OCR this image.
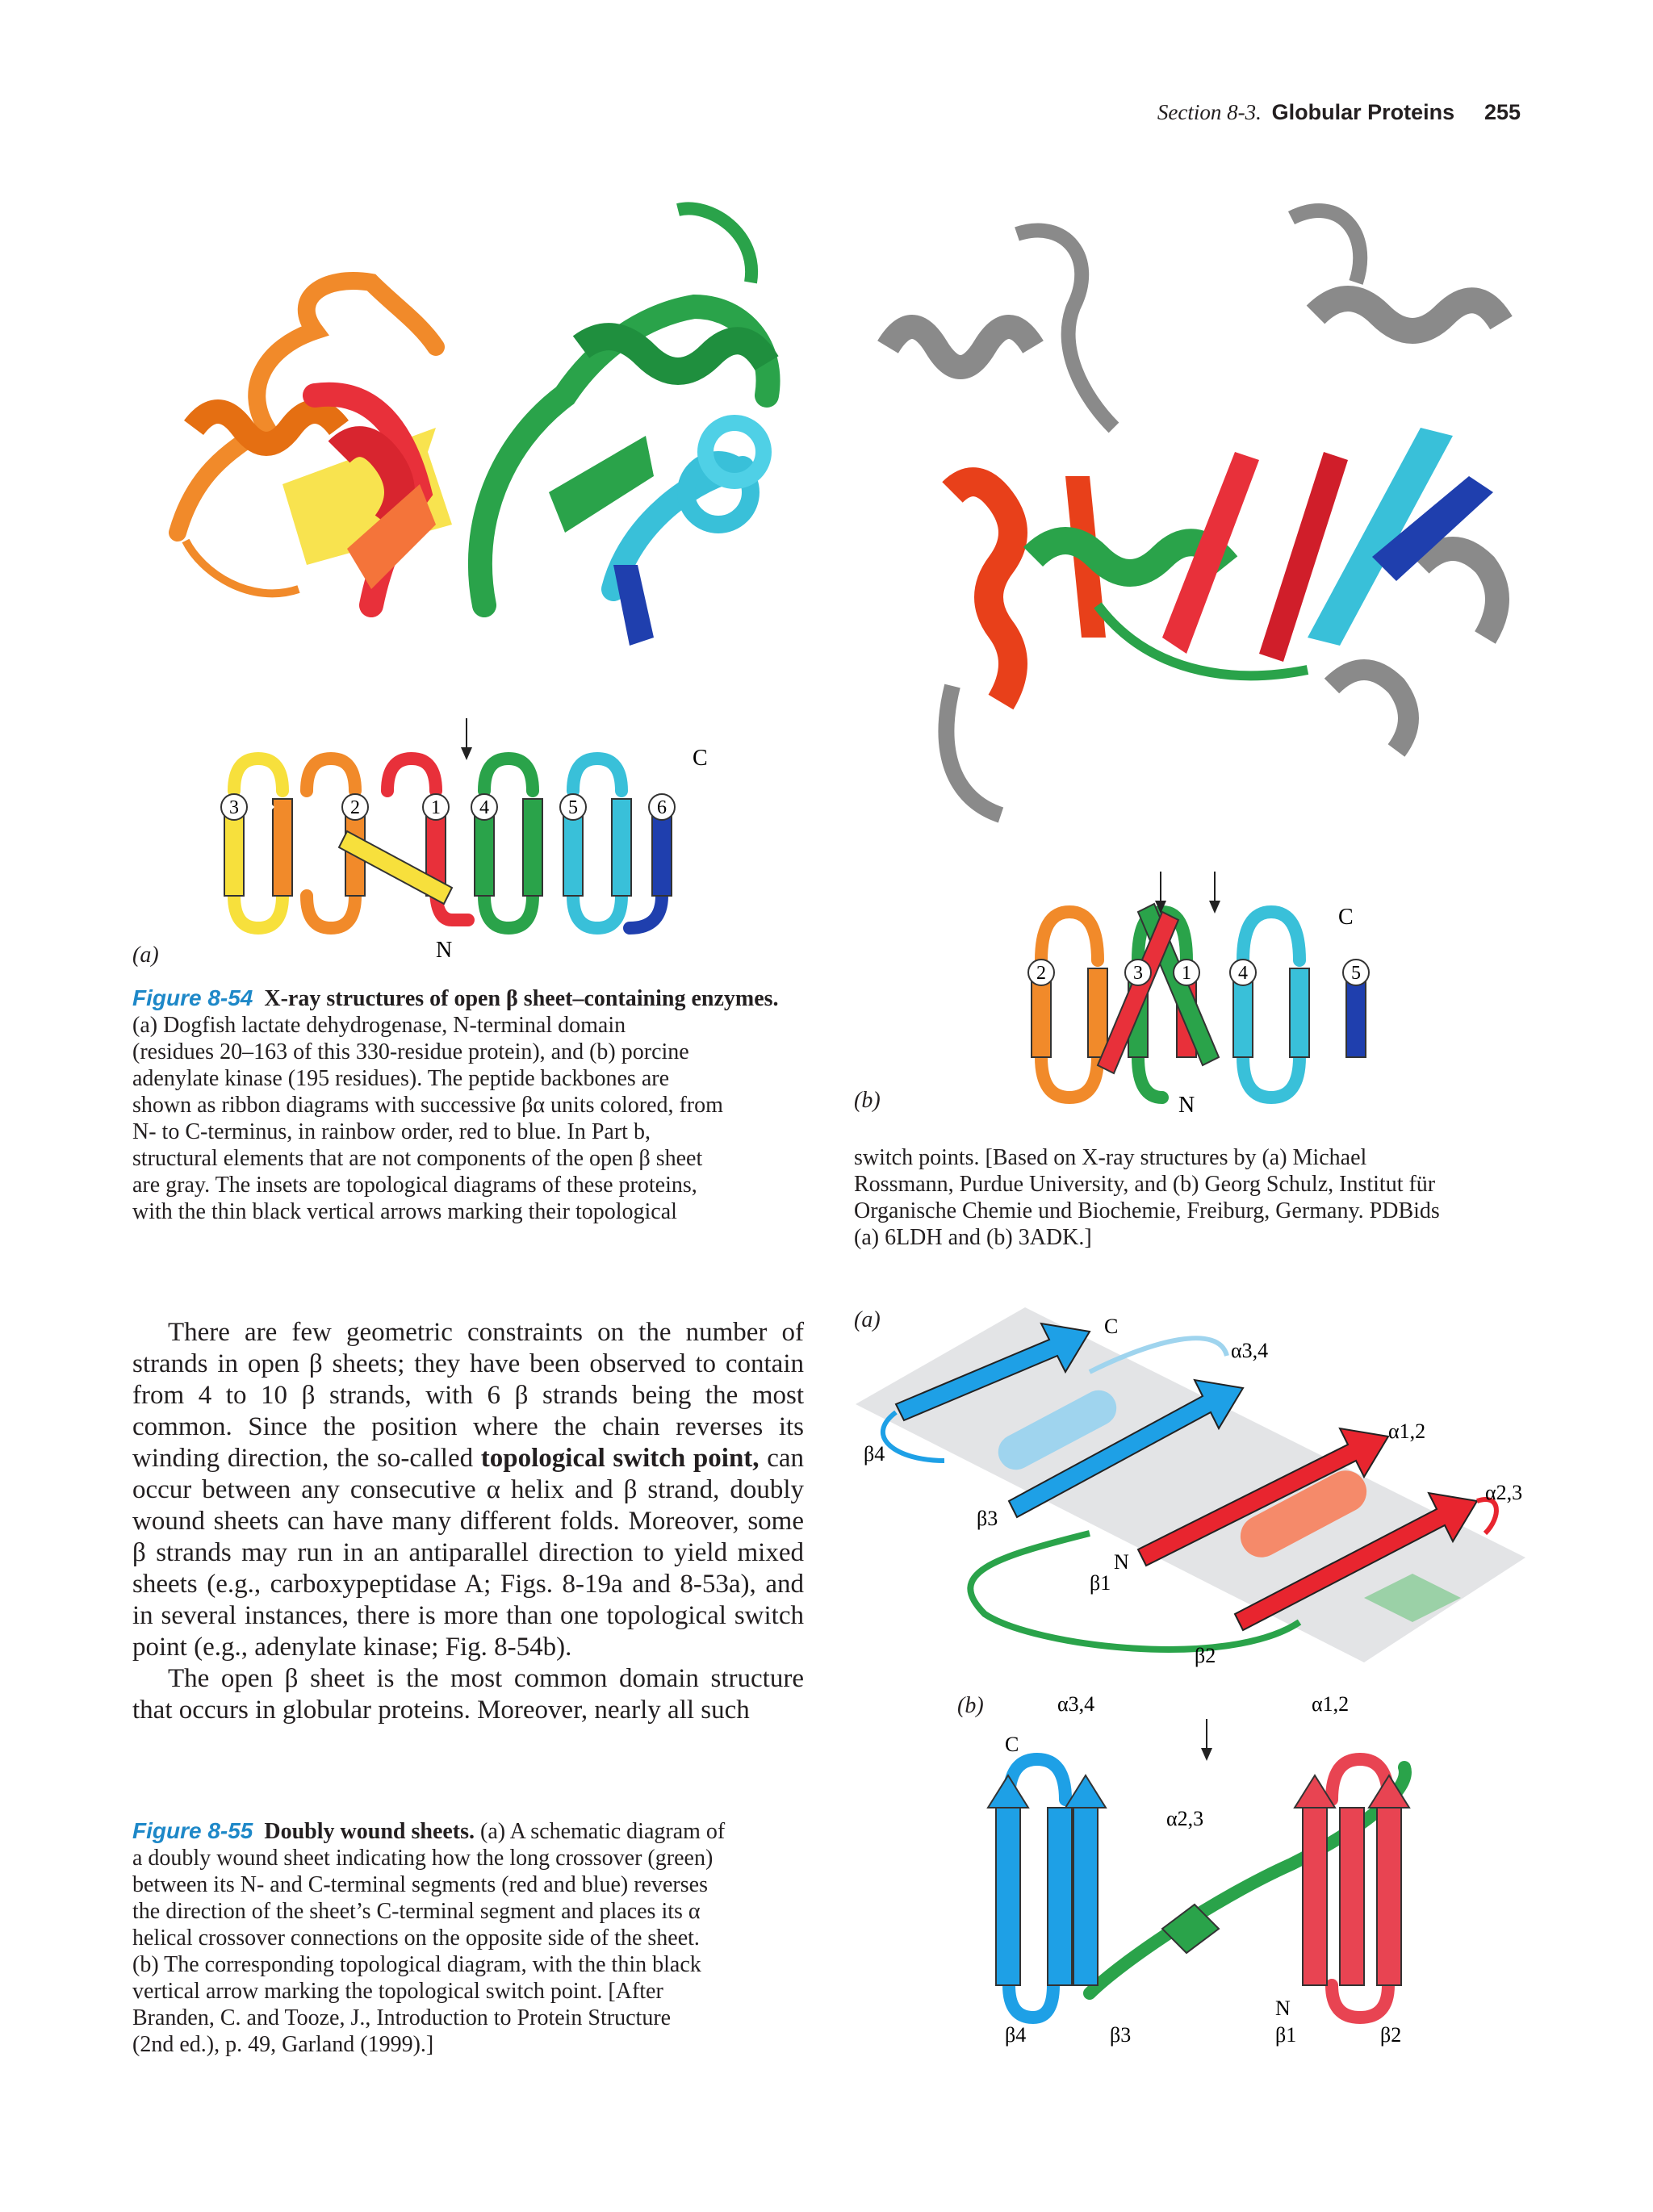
Section 8-3. Globular Proteins 255
3	2	1 4	5	6
C
N
(a)
2	3 1 4	5
C
N
(b)
Figure 8-54 X-ray structures of open β sheet–containing enzymes.
(a) Dogfish lactate dehydrogenase, N-terminal domain
(residues 20–163 of this 330-residue protein), and (b) porcine
adenylate kinase (195 residues). The peptide backbones are
shown as ribbon diagrams with successive βα units colored, from
N- to C-terminus, in rainbow order, red to blue. In Part b,
structural elements that are not components of the open β sheet
are gray. The insets are topological diagrams of these proteins,
with the thin black vertical arrows marking their topological
switch points. [Based on X-ray structures by (a) Michael
Rossmann, Purdue University, and (b) Georg Schulz, Institut für
Organische Chemie und Biochemie, Freiburg, Germany. PDBids
(a) 6LDH and (b) 3ADK.]

There are few geometric constraints on the number of strands in open β sheets; they have been observed to contain from 4 to 10 β strands, with 6 β strands being the most common. Since the position where the chain reverses its winding direction, the so-called topological switch point, can occur between any consecutive α helix and β strand, doubly wound sheets can have many different folds. Moreover, some β strands may run in an antiparallel direction to yield mixed sheets (e.g., carboxypeptidase A; Figs. 8-19a and 8-53a), and in several instances, there is more than one topological switch point (e.g., adenylate kinase; Fig. 8-54b).

The open β sheet is the most common domain structure that occurs in globular proteins. Moreover, nearly all such

(a)	C
α3,4
α1,2
α2,3
β4
β3
N
β1
β2
(b)	α3,4	α1,2
α2,3
C
N
β4	β3	β1	β2
Figure 8-55 Doubly wound sheets. (a) A schematic diagram of
a doubly wound sheet indicating how the long crossover (green)
between its N- and C-terminal segments (red and blue) reverses
the direction of the sheet’s C-terminal segment and places its α
helical crossover connections on the opposite side of the sheet.
(b) The corresponding topological diagram, with the thin black
vertical arrow marking the topological switch point. [After
Branden, C. and Tooze, J., Introduction to Protein Structure
(2nd ed.), p. 49, Garland (1999).]
